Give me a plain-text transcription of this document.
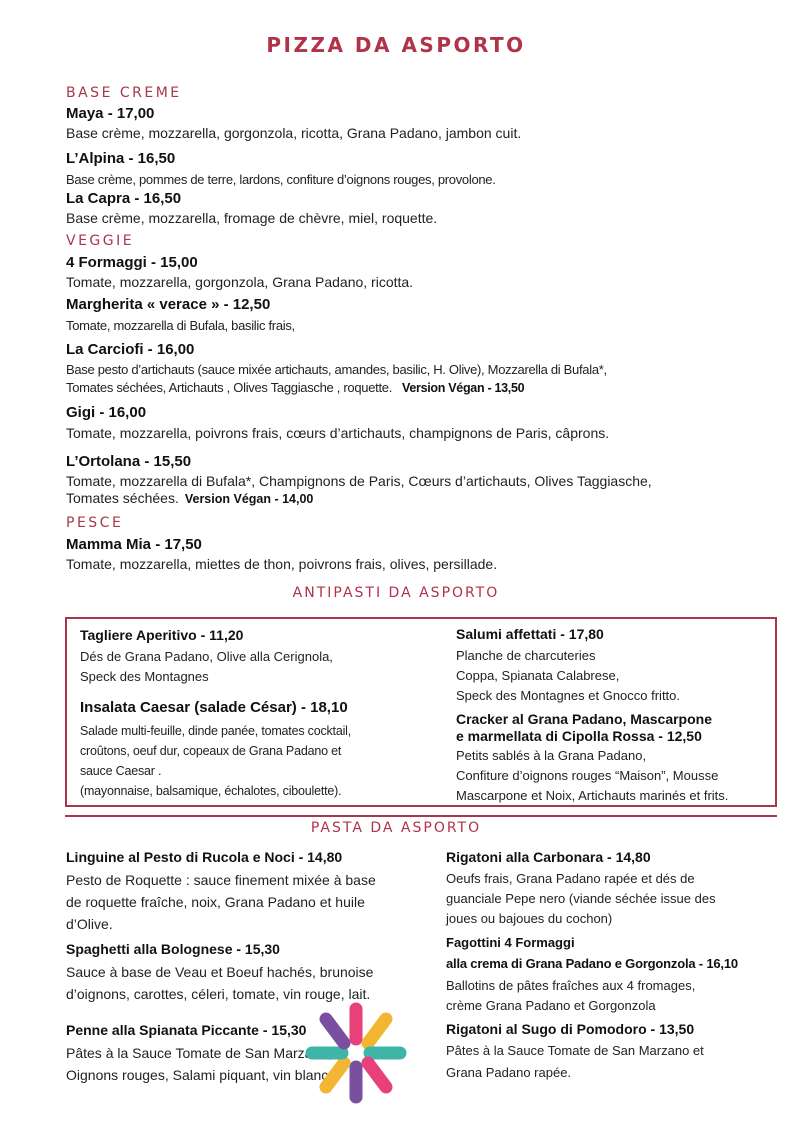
PIZZA DA ASPORTO
BASE CREME
Maya - 17,00
Base crème, mozzarella, gorgonzola, ricotta, Grana Padano, jambon cuit.
L’Alpina - 16,50
Base crème, pommes de terre, lardons, confiture d’oignons rouges, provolone.
La Capra - 16,50
Base crème, mozzarella, fromage de chèvre, miel, roquette.
VEGGIE
4 Formaggi - 15,00
Tomate, mozzarella, gorgonzola, Grana Padano, ricotta.
Margherita « verace » - 12,50
Tomate, mozzarella di Bufala, basilic frais,
La Carciofi - 16,00
Base pesto d’artichauts (sauce mixée artichauts, amandes, basilic, H. Olive), Mozzarella di Bufala*,
Tomates séchées, Artichauts , Olives Taggiasche , roquette. Version Végan - 13,50
Gigi - 16,00
Tomate, mozzarella, poivrons frais, cœurs d’artichauts, champignons de Paris, câprons.
L’Ortolana - 15,50
Tomate, mozzarella di Bufala*, Champignons de Paris, Cœurs d’artichauts, Olives Taggiasche,
Tomates séchées. Version Végan - 14,00
PESCE
Mamma Mia - 17,50
Tomate, mozzarella, miettes de thon, poivrons frais, olives, persillade.
ANTIPASTI DA ASPORTO
Tagliere Aperitivo - 11,20
Dés de Grana Padano, Olive alla Cerignola,
Speck des Montagnes
Insalata Caesar (salade César) - 18,10
Salade multi-feuille, dinde panée, tomates cocktail,
croûtons, oeuf dur, copeaux de Grana Padano et
sauce Caesar .
(mayonnaise, balsamique, échalotes, ciboulette).
Salumi affettati - 17,80
Planche de charcuteries
Coppa, Spianata Calabrese,
Speck des Montagnes et Gnocco fritto.
Cracker al Grana Padano, Mascarpone
e marmellata di Cipolla Rossa - 12,50
Petits sablés à la Grana Padano,
Confiture d’oignons rouges “Maison”, Mousse
Mascarpone et Noix, Artichauts marinés et frits.
PASTA DA ASPORTO
Linguine al Pesto di Rucola e Noci - 14,80
Pesto de Roquette : sauce finement mixée à base
de roquette fraîche, noix, Grana Padano et huile
d’Olive.
Spaghetti alla Bolognese - 15,30
Sauce à base de Veau et Boeuf hachés, brunoise
d’oignons, carottes, céleri, tomate, vin rouge, lait.
Penne alla Spianata Piccante - 15,30
Pâtes à la Sauce Tomate de San Marzano,
Oignons rouges, Salami piquant, vin blanc.
Rigatoni alla Carbonara - 14,80
Oeufs frais, Grana Padano rapée et dés de
guanciale Pepe nero (viande séchée issue des
joues ou bajoues du cochon)
Fagottini 4 Formaggi
alla crema di Grana Padano e Gorgonzola - 16,10
Ballotins de pâtes fraîches aux 4 fromages,
crème Grana Padano et Gorgonzola
Rigatoni al Sugo di Pomodoro - 13,50
Pâtes à la Sauce Tomate de San Marzano et
Grana Padano rapée.
